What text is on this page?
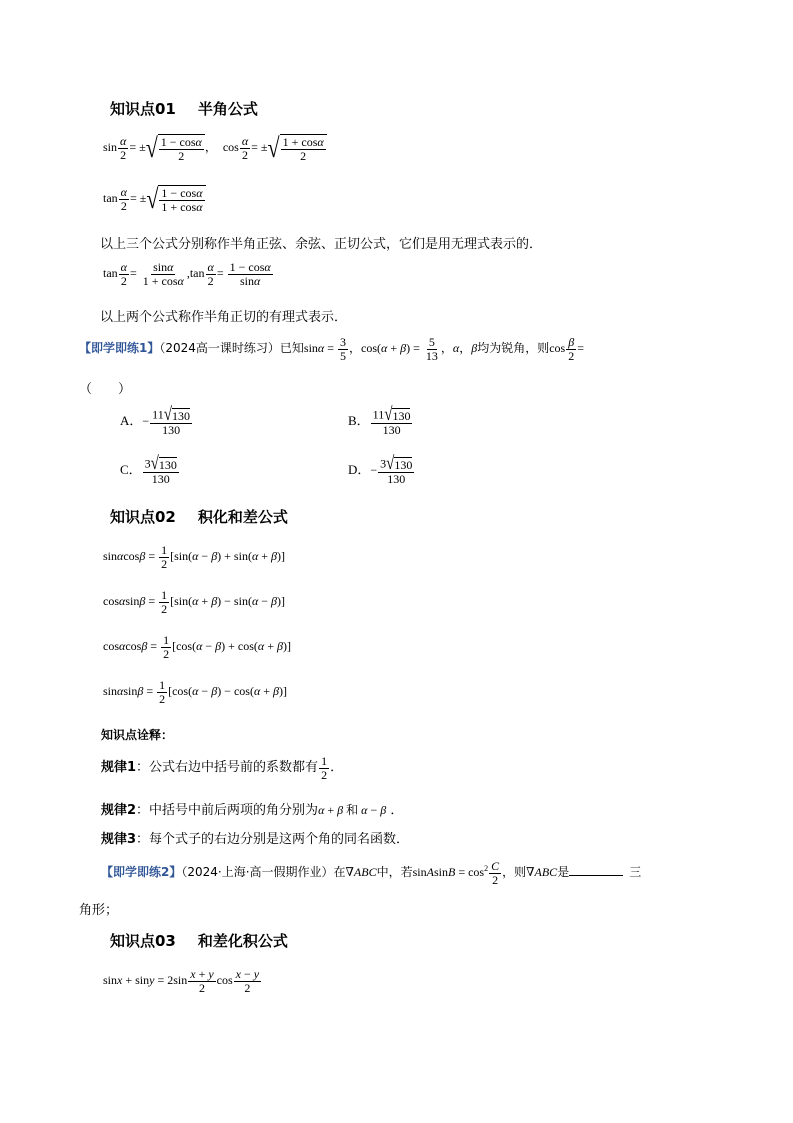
知识点01 半角公式
$\sin \frac{\alpha}{2}$ = ± √ $\frac{1 - \cos\alpha}{2}$ ，  $\cos \frac{\alpha}{2}$ = ± √ $\frac{1 + \cos\alpha}{2}$
$\tan \frac{\alpha}{2}$ = ± √ $\frac{1 - \cos\alpha}{1 + \cos\alpha}$
以上三个公式分别称作半角正弦、余弦、正切公式，它们是用无理式表示的．
$\tan \frac{\alpha}{2} = \frac{\sin\alpha}{1 + \cos\alpha} ,\tan \frac{\alpha}{2} = \frac{1 - \cos\alpha}{\sin\alpha}$
以上两个公式称作半角正切的有理式表示．
【即学即练1】（2024高一课时练习）已知$\sin\alpha = \frac{3}{5}$ ，$\cos(\alpha + \beta) = \frac{5}{13}$ ，α，β均为锐角，则$\cos \frac{\beta}{2}$ =
（　　）
A．− $\frac{11 √ 130}{130}$	B． $\frac{11 √ 130}{130}$
C． $\frac{3 √ 130}{130}$	D．− $\frac{3 √ 130}{130}$
知识点02 积化和差公式
$\sin\alpha\cos\beta = \frac{1}{2} [\sin(\alpha - \beta) + \sin(\alpha + \beta)]$
$\cos\alpha\sin\beta = \frac{1}{2} [\sin(\alpha + \beta) - \sin(\alpha - \beta)]$
$\cos\alpha\cos\beta = \frac{1}{2} [\cos(\alpha - \beta) + \cos(\alpha + \beta)]$
$\sin\alpha\sin\beta = \frac{1}{2} [\cos(\alpha - \beta) - \cos(\alpha + \beta)]$
知识点诠释：
规律1：公式右边中括号前的系数都有 $\frac{1}{2}$ ．
规律2：中括号中前后两项的角分别为α + β 和 α − β ．
规律3：每个式子的右边分别是这两个角的同名函数．
【即学即练2】（2024·上海·高一假期作业）在∇ABC中，若sinAsinB = $\cos^2 \frac{C}{2}$ ，则∇ABC是	三
角形；
知识点03 和差化积公式
$\sin x + \sin y = 2\sin \frac{x + y}{2}$ $\cos \frac{x - y}{2}$
